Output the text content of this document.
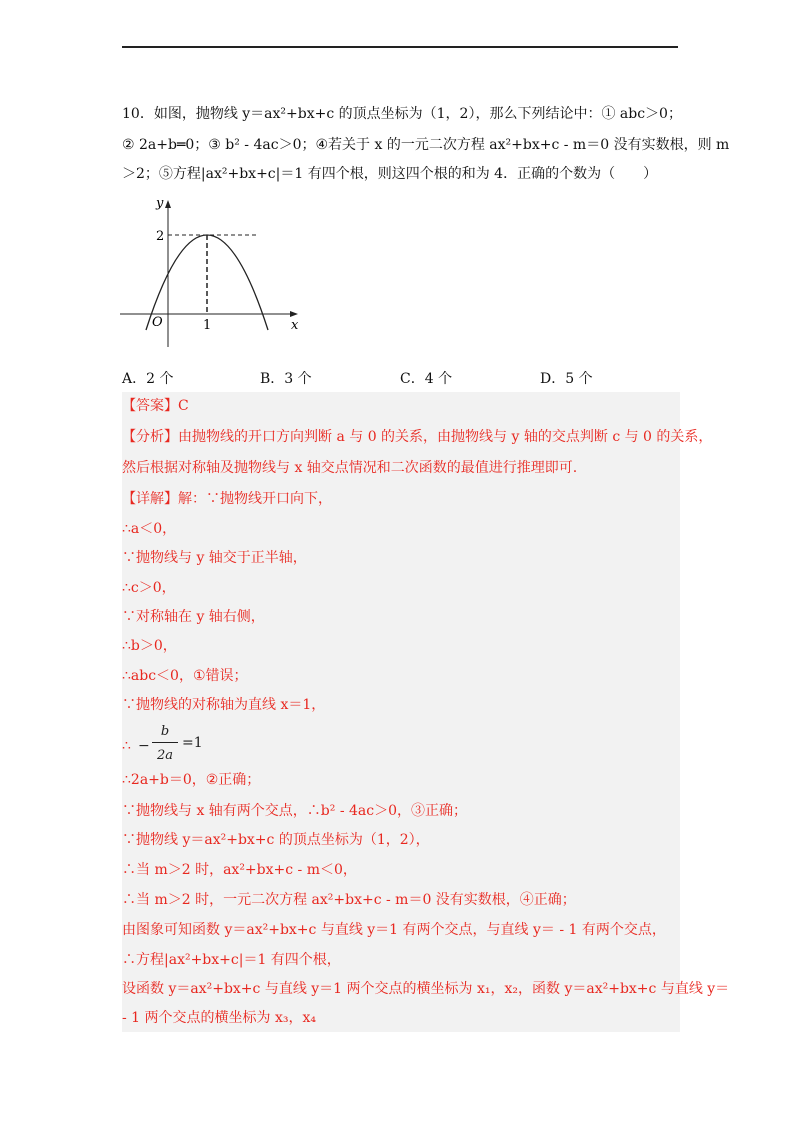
10．如图，抛物线 y＝ax²+bx+c 的顶点坐标为（1，2），那么下列结论中：① abc＞0；
② 2a+b═0；③ b² ‑ 4ac＞0；④若关于 x 的一元二次方程 ax²+bx+c ‑ m＝0 没有实数根，则 m
＞2；⑤方程|ax²+bx+c|＝1 有四个根，则这四个根的和为 4．正确的个数为（　　）
y
x
O
2
1
A．2 个	B．3 个	C．4 个	D．5 个
【答案】C
【分析】由抛物线的开口方向判断 a 与 0 的关系，由抛物线与 y 轴的交点判断 c 与 0 的关系，
然后根据对称轴及抛物线与 x 轴交点情况和二次函数的最值进行推理即可.
【详解】解：∵抛物线开口向下，
∴a＜0，
∵抛物线与 y 轴交于正半轴，
∴c＞0，
∵对称轴在 y 轴右侧，
∴b＞0，
∴abc＜0，①错误；
∵抛物线的对称轴为直线 x＝1，
∴ −
b
2a
=1
∴2a+b＝0，②正确；
∵抛物线与 x 轴有两个交点，∴b² ‑ 4ac＞0，③正确；
∵抛物线 y＝ax²+bx+c 的顶点坐标为（1，2），
∴当 m＞2 时，ax²+bx+c ‑ m＜0，
∴当 m＞2 时，一元二次方程 ax²+bx+c ‑ m＝0 没有实数根，④正确；
由图象可知函数 y＝ax²+bx+c 与直线 y＝1 有两个交点，与直线 y＝ ‑ 1 有两个交点，
∴方程|ax²+bx+c|＝1 有四个根，
设函数 y＝ax²+bx+c 与直线 y＝1 两个交点的横坐标为 x₁，x₂，函数 y＝ax²+bx+c 与直线 y＝
‑ 1 两个交点的横坐标为 x₃，x₄
